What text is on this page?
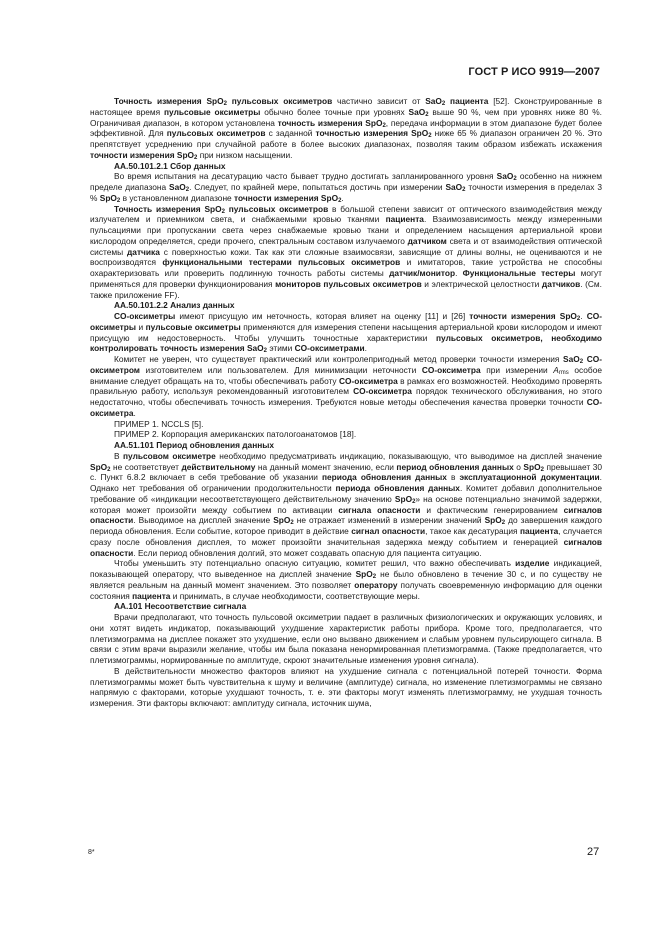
ГОСТ Р ИСО 9919—2007

Точность измерения SpO$_2$ пульсовых оксиметров частично зависит от SaO$_2$ пациента [52]. Сконструированные в настоящее время пульсовые оксиметры обычно более точные при уровнях SaO$_2$ выше 90 %, чем при уровнях ниже 80 %. Ограничивая диапазон, в котором установлена точность измерения SpO$_2$, передача информации в этом диапазоне будет более эффективной. Для пульсовых оксиметров с заданной точностью измерения SpO$_2$ ниже 65 % диапазон ограничен 20 %. Это препятствует усреднению при случайной работе в более высоких диапазонах, позволяя таким образом избежать искажения точности измерения SpO$_2$ при низком насыщении.

АА.50.101.2.1 Сбор данных

Во время испытания на десатурацию часто бывает трудно достигать запланированного уровня SaO$_2$ особенно на нижнем пределе диапазона SaO$_2$. Следует, по крайней мере, попытаться достичь при измерении SaO$_2$ точности измерения в пределах 3 % SpO$_2$ в установленном диапазоне точности измерения SpO$_2$.

Точность измерения SpO$_2$ пульсовых оксиметров в большой степени зависит от оптического взаимодействия между излучателем и приемником света, и снабжаемыми кровью тканями пациента. Взаимозависимость между измеренными пульсациями при пропускании света через снабжаемые кровью ткани и определением насыщения артериальной крови кислородом определяется, среди прочего, спектральным составом излучаемого датчиком света и от взаимодействия оптической системы датчика с поверхностью кожи. Так как эти сложные взаимосвязи, зависящие от длины волны, не оцениваются и не воспроизводятся функциональными тестерами пульсовых оксиметров и имитаторов, такие устройства не способны охарактеризовать или проверить подлинную точность работы системы датчик/монитор. Функциональные тестеры могут применяться для проверки функционирования мониторов пульсовых оксиметров и электрической целостности датчиков. (См. также приложение FF).

АА.50.101.2.2 Анализ данных

CO-оксиметры имеют присущую им неточность, которая влияет на оценку [11] и [26] точности измерения SpO$_2$. CO-оксиметры и пульсовые оксиметры применяются для измерения степени насыщения артериальной крови кислородом и имеют присущую им недостоверность. Чтобы улучшить точностные характеристики пульсовых оксиметров, необходимо контролировать точность измерения SaO$_2$ этими CO-оксиметрами.

Комитет не уверен, что существует практический или контролепригодный метод проверки точности измерения SaO$_2$ CO-оксиметром изготовителем или пользователем. Для минимизации неточности CO-оксиметра при измерении $A_{rms}$ особое внимание следует обращать на то, чтобы обеспечивать работу CO-оксиметра в рамках его возможностей. Необходимо проверять правильную работу, используя рекомендованный изготовителем CO-оксиметра порядок технического обслуживания, но этого недостаточно, чтобы обеспечивать точность измерения. Требуются новые методы обеспечения качества проверки точности CO-оксиметра.

ПРИМЕР 1. NCCLS [5].

ПРИМЕР 2. Корпорация американских патологоанатомов [18].

АА.51.101 Период обновления данных

В пульсовом оксиметре необходимо предусматривать индикацию, показывающую, что выводимое на дисплей значение SpO$_2$ не соответствует действительному на данный момент значению, если период обновления данных о SpO$_2$ превышает 30 с. Пункт 6.8.2 включает в себя требование об указании периода обновления данных в эксплуатационной документации. Однако нет требования об ограничении продолжительности периода обновления данных. Комитет добавил дополнительное требование об «индикации несоответствующего действительному значению SpO$_2$» на основе потенциально значимой задержки, которая может произойти между событием по активации сигнала опасности и фактическим генерированием сигналов опасности. Выводимое на дисплей значение SpO$_2$ не отражает изменений в измерении значений SpO$_2$ до завершения каждого периода обновления. Если событие, которое приводит в действие сигнал опасности, такое как десатурация пациента, случается сразу после обновления дисплея, то может произойти значительная задержка между событием и генерацией сигналов опасности. Если период обновления долгий, это может создавать опасную для пациента ситуацию.

Чтобы уменьшить эту потенциально опасную ситуацию, комитет решил, что важно обеспечивать изделие индикацией, показывающей оператору, что выведенное на дисплей значение SpO$_2$ не было обновлено в течение 30 с, и по существу не является реальным на данный момент значением. Это позволяет оператору получать своевременную информацию для оценки состояния пациента и принимать, в случае необходимости, соответствующие меры.

АА.101 Несоответствие сигнала

Врачи предполагают, что точность пульсовой оксиметрии падает в различных физиологических и окружающих условиях, и они хотят видеть индикатор, показывающий ухудшение характеристик работы прибора. Кроме того, предполагается, что плетизмограмма на дисплее покажет это ухудшение, если оно вызвано движением и слабым уровнем пульсирующего сигнала. В связи с этим врачи выразили желание, чтобы им была показана ненормированная плетизмограмма. (Также предполагается, что плетизмограммы, нормированные по амплитуде, скроют значительные изменения уровня сигнала).

В действительности множество факторов влияют на ухудшение сигнала с потенциальной потерей точности. Форма плетизмограммы может быть чувствительна к шуму и величине (амплитуде) сигнала, но изменение плетизмограммы не связано напрямую с факторами, которые ухудшают точность, т. е. эти факторы могут изменять плетизмограмму, не ухудшая точность измерения. Эти факторы включают: амплитуду сигнала, источник шума,

8*	27
